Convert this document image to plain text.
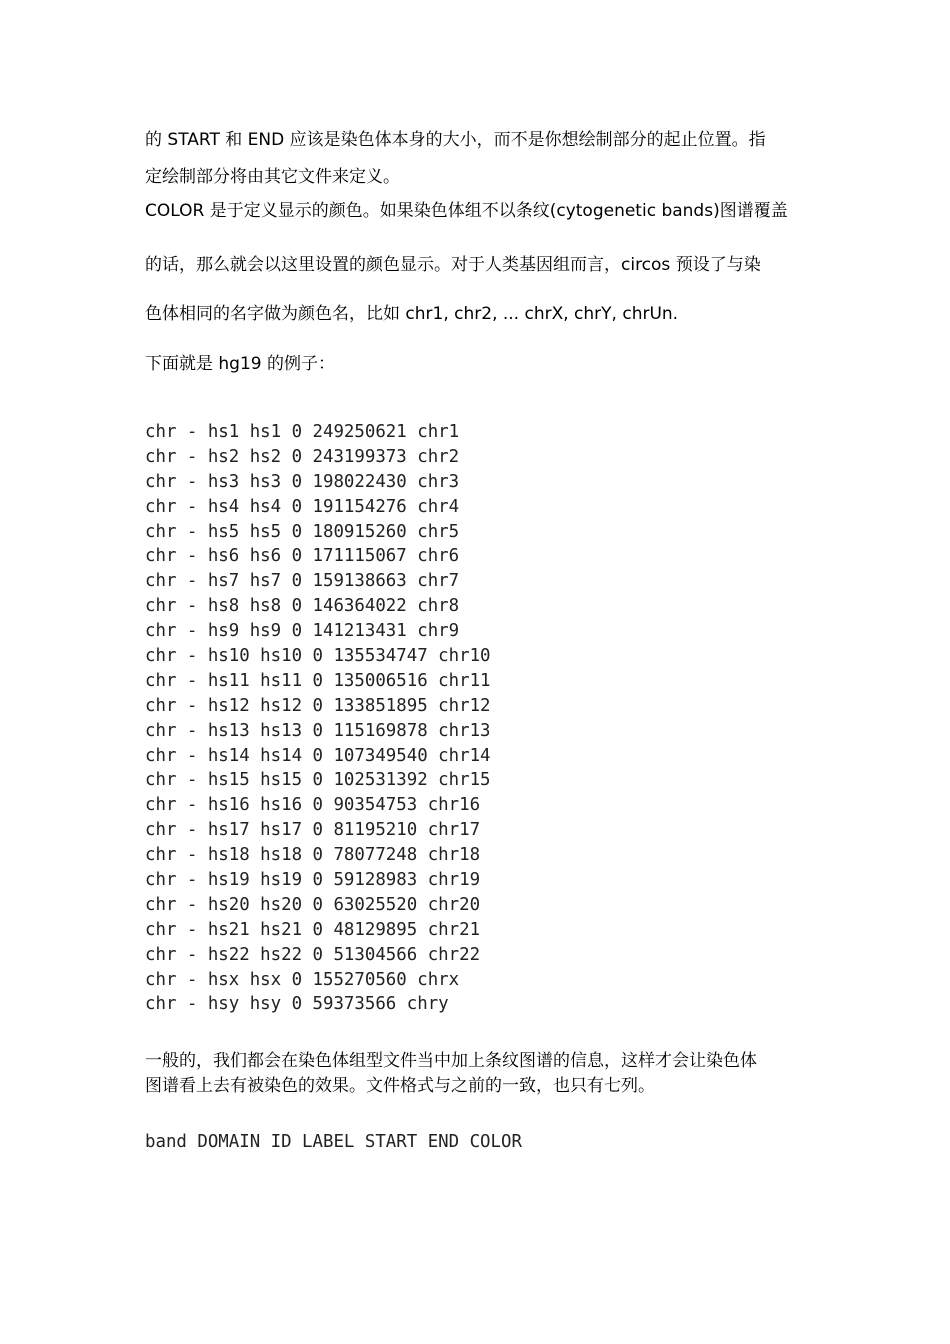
的 START 和 END 应该是染色体本身的大小，而不是你想绘制部分的起止位置。指
定绘制部分将由其它文件来定义。
COLOR 是于定义显示的颜色。如果染色体组不以条纹(cytogenetic bands)图谱覆盖
的话，那么就会以这里设置的颜色显示。对于人类基因组而言，circos 预设了与染
色体相同的名字做为颜色名，比如 chr1, chr2, ... chrX, chrY, chrUn.
下面就是 hg19 的例子：
chr - hs1 hs1 0 249250621 chr1
chr - hs2 hs2 0 243199373 chr2
chr - hs3 hs3 0 198022430 chr3
chr - hs4 hs4 0 191154276 chr4
chr - hs5 hs5 0 180915260 chr5
chr - hs6 hs6 0 171115067 chr6
chr - hs7 hs7 0 159138663 chr7
chr - hs8 hs8 0 146364022 chr8
chr - hs9 hs9 0 141213431 chr9
chr - hs10 hs10 0 135534747 chr10
chr - hs11 hs11 0 135006516 chr11
chr - hs12 hs12 0 133851895 chr12
chr - hs13 hs13 0 115169878 chr13
chr - hs14 hs14 0 107349540 chr14
chr - hs15 hs15 0 102531392 chr15
chr - hs16 hs16 0 90354753 chr16
chr - hs17 hs17 0 81195210 chr17
chr - hs18 hs18 0 78077248 chr18
chr - hs19 hs19 0 59128983 chr19
chr - hs20 hs20 0 63025520 chr20
chr - hs21 hs21 0 48129895 chr21
chr - hs22 hs22 0 51304566 chr22
chr - hsx hsx 0 155270560 chrx
chr - hsy hsy 0 59373566 chry
一般的，我们都会在染色体组型文件当中加上条纹图谱的信息，这样才会让染色体
图谱看上去有被染色的效果。文件格式与之前的一致，也只有七列。
band DOMAIN ID LABEL START END COLOR
